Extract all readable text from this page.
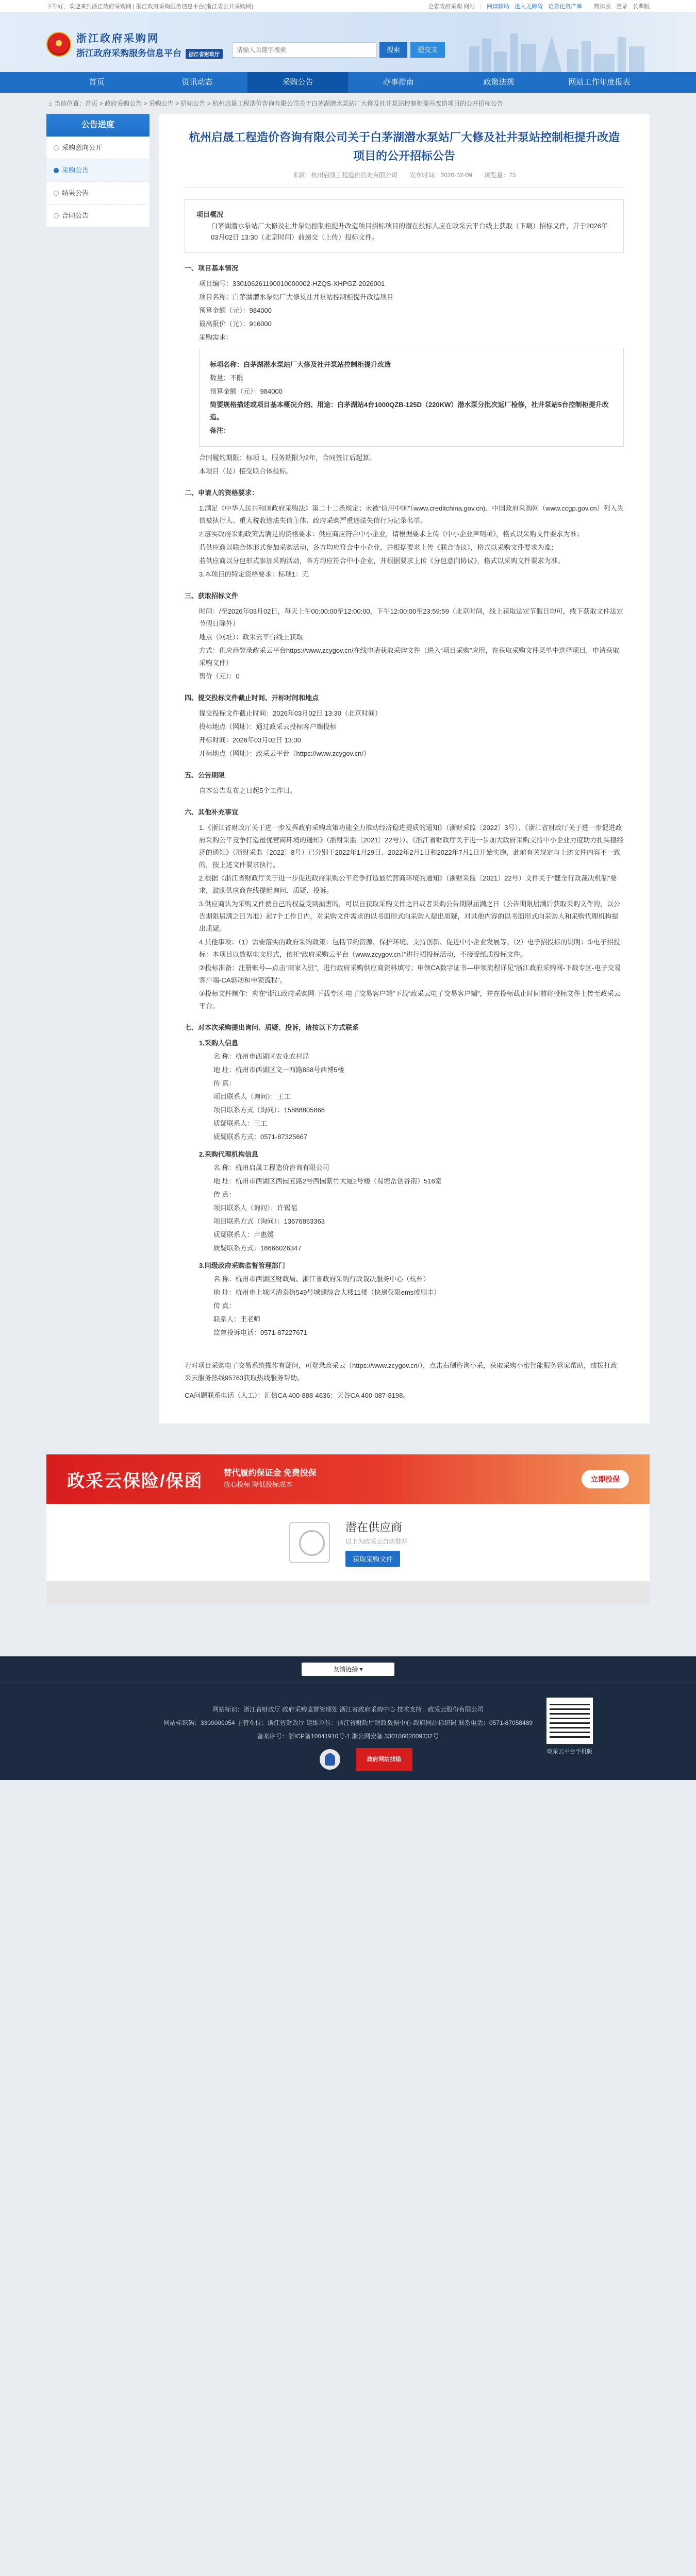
下午好，欢迎来到浙江政府采购网 | 浙江政府采购服务信息平台(浙江省公共采购网)	全省政府采购 网站 | 阅读辅助 进入无障碍 语音化资产库 | 简体版 登录 长辈版
浙江政府采购网
浙江政府采购服务信息平台 浙江省财政厅
请输入关键字搜索
搜索	提交文
首页	资讯动态	采购公告	办事指南	政策法规	网站工作年度报表
⌂ 当前位置：首页 > 政府采购公告 > 采购公告 > 招标公告 > 杭州启晟工程造价咨询有限公司关于白茅湖潜水泵站厂大修及社井泵站控制柜提升改造项目的公开招标公告
公告进度
采购意向公开
采购公告
结果公告
合同公告
杭州启晟工程造价咨询有限公司关于白茅湖潜水泵站厂大修及社井泵站控制柜提升改造项目的公开招标公告
来源：杭州启晟工程造价咨询有限公司 发布时间：2026-02-09 浏览量：75

项目概况

白茅湖潜水泵站厂大修及社井泵站控制柜提升改造项目招标项目的潜在投标人应在政采云平台线上获取（下载）招标文件，并于2026年03月02日 13:30（北京时间）前递交（上传）投标文件。

一、项目基本情况

项目编号：330106261190010000002-HZQS-XHPGZ-2026001

项目名称：白茅湖潜水泵站厂大修及社井泵站控制柜提升改造项目

预算金额（元）：984000

最高限价（元）：916000

采购需求：

标项名称：白茅湖潜水泵站厂大修及社井泵站控制柜提升改造

数量：不限

预算金额（元）：984000

简要规格描述或项目基本概况介绍、用途：白茅湖站4台1000QZB-125D（220KW）潜水泵分批次返厂检修，社井泵站5台控制柜提升改造。

备注：

合同履约期限：标项 1，服务期限为2年，合同签订后起算。

本项目（是）接受联合体投标。

二、申请人的资格要求：

1.满足《中华人民共和国政府采购法》第二十二条规定；未被“信用中国”（www.creditchina.gov.cn)、中国政府采购网（www.ccgp.gov.cn）列入失信被执行人、重大税收违法失信主体、政府采购严重违法失信行为记录名单。

2.落实政府采购政策需满足的资格要求：供应商应符合中小企业，请根据要求上传《中小企业声明函》，格式以采购文件要求为准；

若供应商以联合体形式参加采购活动，各方均应符合中小企业，并根据要求上传《联合协议》，格式以采购文件要求为准；

若供应商以分包形式参加采购活动，各方均应符合中小企业，并根据要求上传《分包意向协议》，格式以采购文件要求为准。

3.本项目的特定资格要求：标项1：无

三、获取招标文件

时间：/至2026年03月02日，每天上午00:00:00至12:00:00，下午12:00:00至23:59:59（北京时间，线上获取法定节假日均可，线下获取文件法定节假日除外）

地点（网址）：政采云平台线上获取

方式：供应商登录政采云平台https://www.zcygov.cn/在线申请获取采购文件（进入“项目采购”应用，在获取采购文件菜单中选择项目，申请获取采购文件）

售价（元）：0

四、提交投标文件截止时间、开标时间和地点

提交投标文件截止时间：2026年03月02日 13:30（北京时间）

投标地点（网址）：通过政采云投标客户端投标

开标时间：2026年03月02日 13:30

开标地点（网址）：政采云平台（https://www.zcygov.cn/）

五、公告期限

自本公告发布之日起5个工作日。

六、其他补充事宜

1.《浙江省财政厅关于进一步发挥政府采购政策功能全力推动经济稳进提质的通知》（浙财采监〔2022〕3号）、《浙江省财政厅关于进一步促进政府采购公平竞争打造最优营商环境的通知》（浙财采监〔2021〕22号））、《浙江省财政厅关于进一步加大政府采购支持中小企业力度助力扎实稳经济的通知》（浙财采监〔2022〕8号）已分别于2022年1月29日、2022年2月1日和2022年7月1日开始实施，此前有关规定与上述文件内容不一致的，按上述文件要求执行。

2.根据《浙江省财政厅关于进一步促进政府采购公平竞争打造最优营商环境的通知》（浙财采监〔2021〕22号）文件关于“健全行政裁决机制”要求，鼓励供应商在线提起询问、质疑、投诉。

3.供应商认为采购文件使自己的权益受到损害的，可以自获取采购文件之日或者采购公告期限届满之日（公告期限届满后获取采购文件的，以公告期限届满之日为准）起7个工作日内，对采购文件需求的以书面形式向采购人提出质疑，对其他内容的以书面形式向采购人和采购代理机构提出质疑。

4.其他事项：（1）需要落实的政府采购政策：包括节约资源、保护环境、支持创新、促进中小企业发展等。（2）电子招投标的说明：①电子招投标：本项目以数据电文形式，依托“政府采购云平台（www.zcygov.cn）”进行招投标活动，不接受纸质投标文件。

②投标准备：注册账号—点击“商家入驻”，进行政府采购供应商资料填写；申领CA数字证书—申领流程详见“浙江政府采购网-下载专区-电子交易客户端-CA驱动和申领流程”。

③投标文件制作：应在“浙江政府采购网-下载专区-电子交易客户端”下载“政采云电子交易客户端”，并在投标截止时间前将投标文件上传至政采云平台。

七、对本次采购提出询问、质疑、投诉，请按以下方式联系

1.采购人信息

名 称：杭州市西湖区农业农村局

地 址：杭州市西湖区文一西路858号西博5楼

传 真：

项目联系人（询问）：王工

项目联系方式（询问）：15888805866

质疑联系人：王工

质疑联系方式：0571-87325667

2.采购代理机构信息

名 称：杭州启晟工程造价咨询有限公司

地 址：杭州市西湖区西园五路2号西园紫竹大厦2号楼（蜀塘岳创谷南）516室

传 真：

项目联系人（询问）：许锡福

项目联系方式（询问）：13676853363

质疑联系人：卢惠媛

质疑联系方式：18666026347

3.同级政府采购监督管理部门

名 称：杭州市西湖区财政局、浙江省政府采购行政裁决服务中心（杭州）

地 址：杭州市上城区清泰街549号城建综合大楼11楼（快递仅限ems或顺丰）

传 真：

联系人：王老师

监督投诉电话：0571-87227671

若对项目采购电子交易系统操作有疑问，可登录政采云（https://www.zcygov.cn/），点击右侧咨询小采，获取采购小蜜智能服务管家帮助，或拨打政采云服务热线95763获取热线服务帮助。

CA问题联系电话（人工）：汇信CA 400-888-4636；天谷CA 400-087-8198。

政采云保险/保函	替代履约保证金 免费投保
放心投标 降低投标成本
立即投保
潜在供应商
以上为政采云自动推荐
获取采购文件
友情链接 ▾

网站标识：浙江省财政厅 政府采购监督管理处 浙江省政府采购中心 技术支持：政采云股份有限公司

网站标识码：3300000054 主管单位：浙江省财政厅 运维单位：浙江省财政厅财政数据中心 政府网站标识码 联系电话：0571-87058489

备案序号：浙ICP备10041910号-1 浙公网安备 33010602009332号

政采云平台手机版
政府网站找错
